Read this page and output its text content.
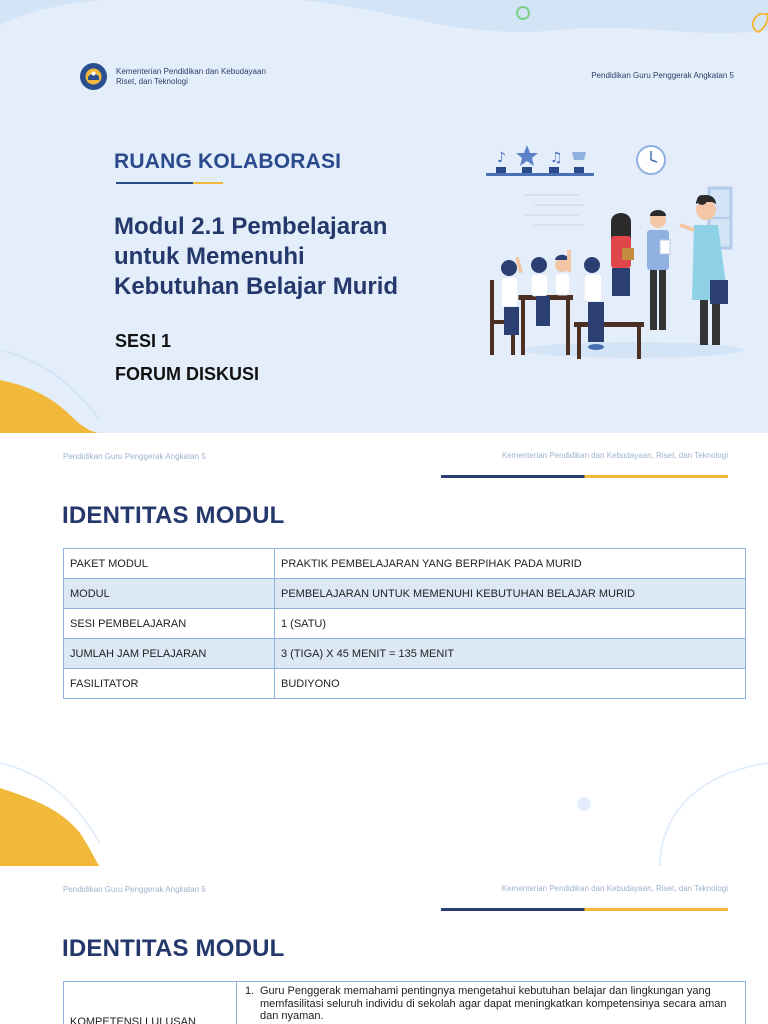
Kementerian Pendidikan dan Kebudayaan
Riset, dan Teknologi
Pendidikan Guru Penggerak Angkatan 5
RUANG KOLABORASI
Modul 2.1 Pembelajaran
untuk Memenuhi
Kebutuhan Belajar Murid
SESI 1
FORUM DISKUSI
♪	♫
Pendidikan Guru Penggerak Angkatan 5	Kementerian Pendidikan dan Kebudayaan, Riset, dan Teknologi
IDENTITAS MODUL
PAKET MODUL	PRAKTIK PEMBELAJARAN YANG BERPIHAK PADA MURID
MODUL	PEMBELAJARAN UNTUK MEMENUHI KEBUTUHAN BELAJAR MURID
SESI PEMBELAJARAN	1 (SATU)
JUMLAH JAM PELAJARAN	3 (TIGA) X 45 MENIT = 135 MENIT
FASILITATOR	BUDIYONO
Pendidikan Guru Penggerak Angkatan 5	Kementerian Pendidikan dan Kebudayaan, Riset, dan Teknologi
IDENTITAS MODUL
KOMPETENSI LULUSAN	
1. Guru Penggerak memahami pentingnya mengetahui kebutuhan belajar dan lingkungan yang
memfasilitasi seluruh individu di sekolah agar dapat meningkatkan kompetensinya secara aman
dan nyaman.
